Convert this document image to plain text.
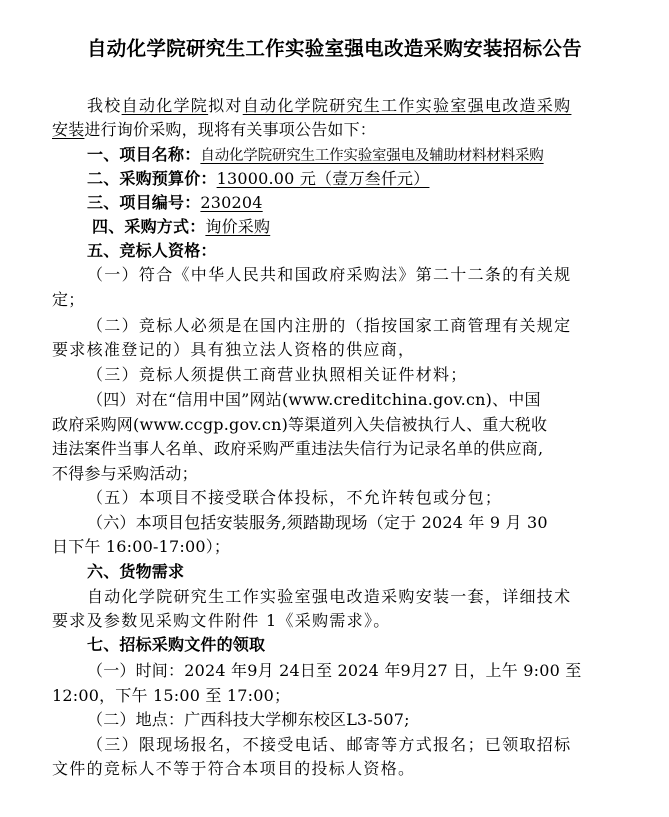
自动化学院研究生工作实验室强电改造采购安装招标公告
我校自动化学院拟对自动化学院研究生工作实验室强电改造采购
安装进行询价采购，现将有关事项公告如下：
一、项目名称：自动化学院研究生工作实验室强电及辅助材料材料采购
二、采购预算价：13000.00 元（壹万叁仟元）
三、项目编号：230204
四、采购方式：询价采购
五、竞标人资格：
（一）符合《中华人民共和国政府采购法》第二十二条的有关规
定；
（二）竞标人必须是在国内注册的（指按国家工商管理有关规定
要求核准登记的）具有独立法人资格的供应商，
（三）竞标人须提供工商营业执照相关证件材料；
（四）对在“信用中国”网站(www.creditchina.gov.cn)、中国
政府采购网(www.ccgp.gov.cn)等渠道列入失信被执行人、重大税收
违法案件当事人名单、政府采购严重违法失信行为记录名单的供应商,
不得参与采购活动；
（五）本项目不接受联合体投标，不允许转包或分包；
（六）本项目包括安装服务,须踏勘现场（定于 2024 年 9 月 30
日下午 16:00-17:00）；
六、货物需求
自动化学院研究生工作实验室强电改造采购安装一套，详细技术
要求及参数见采购文件附件 1《采购需求》。
七、招标采购文件的领取
（一）时间：2024 年9月 24日至 2024 年9月27 日，上午 9:00 至
12:00，下午 15:00 至 17:00；
（二）地点：广西科技大学柳东校区L3-507;
（三）限现场报名，不接受电话、邮寄等方式报名；已领取招标
文件的竞标人不等于符合本项目的投标人资格。
